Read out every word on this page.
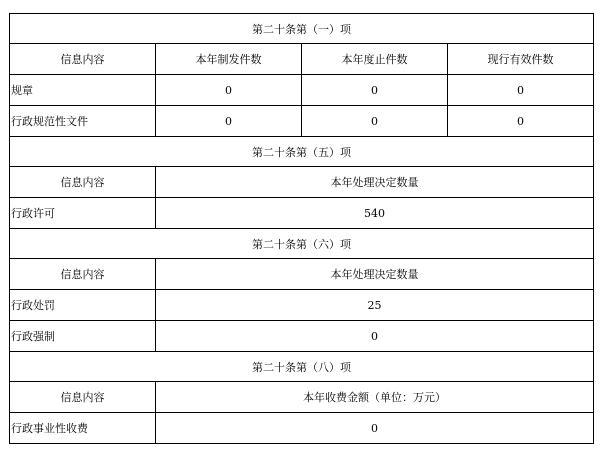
第二十条第（一）项			
信息内容	本年制发件数	本年度止件数	现行有效件数
规章	0	0	0
行政规范性文件	0	0	0
第二十条第（五）项			
信息内容	本年处理决定数量		
行政许可	540		
第二十条第（六）项			
信息内容	本年处理决定数量		
行政处罚	25		
行政强制	0		
第二十条第（八）项			
信息内容	本年收费金额（单位：万元）		
行政事业性收费	0		
